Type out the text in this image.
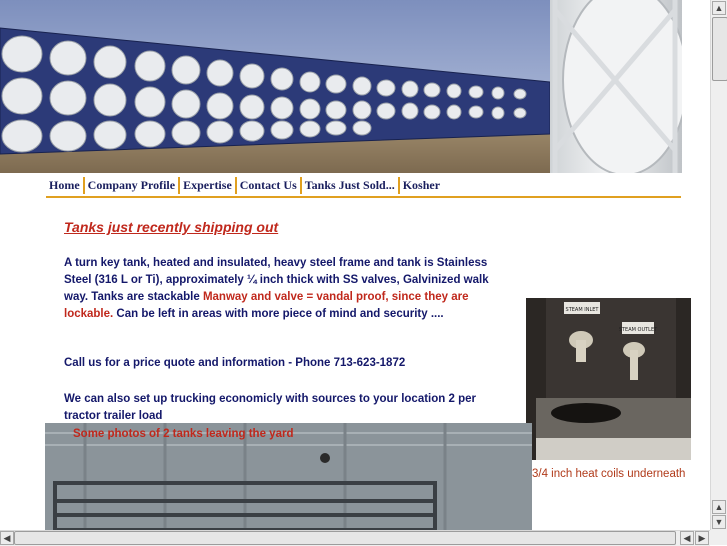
Home Company Profile Expertise Contact Us Tanks Just Sold... Kosher
Tanks just recently shipping out
A turn key tank, heated and insulated, heavy steel frame and tank is Stainless Steel (316 L or Ti), approximately ¼ inch thick with SS valves, Galvinized walk way. Tanks are stackable Manway and valve = vandal proof, since they are lockable. Can be left in areas with more piece of mind and security ....
Call us for a price quote and information - Phone 713-623-1872
We can also set up trucking economicly with sources to your location 2 per tractor trailer load
STEAM INLET
STEAM OUTLET
3/4 inch heat coils underneath
Some photos of 2 tanks leaving the yard
▲
▲
▼
◀	◀ ▶
